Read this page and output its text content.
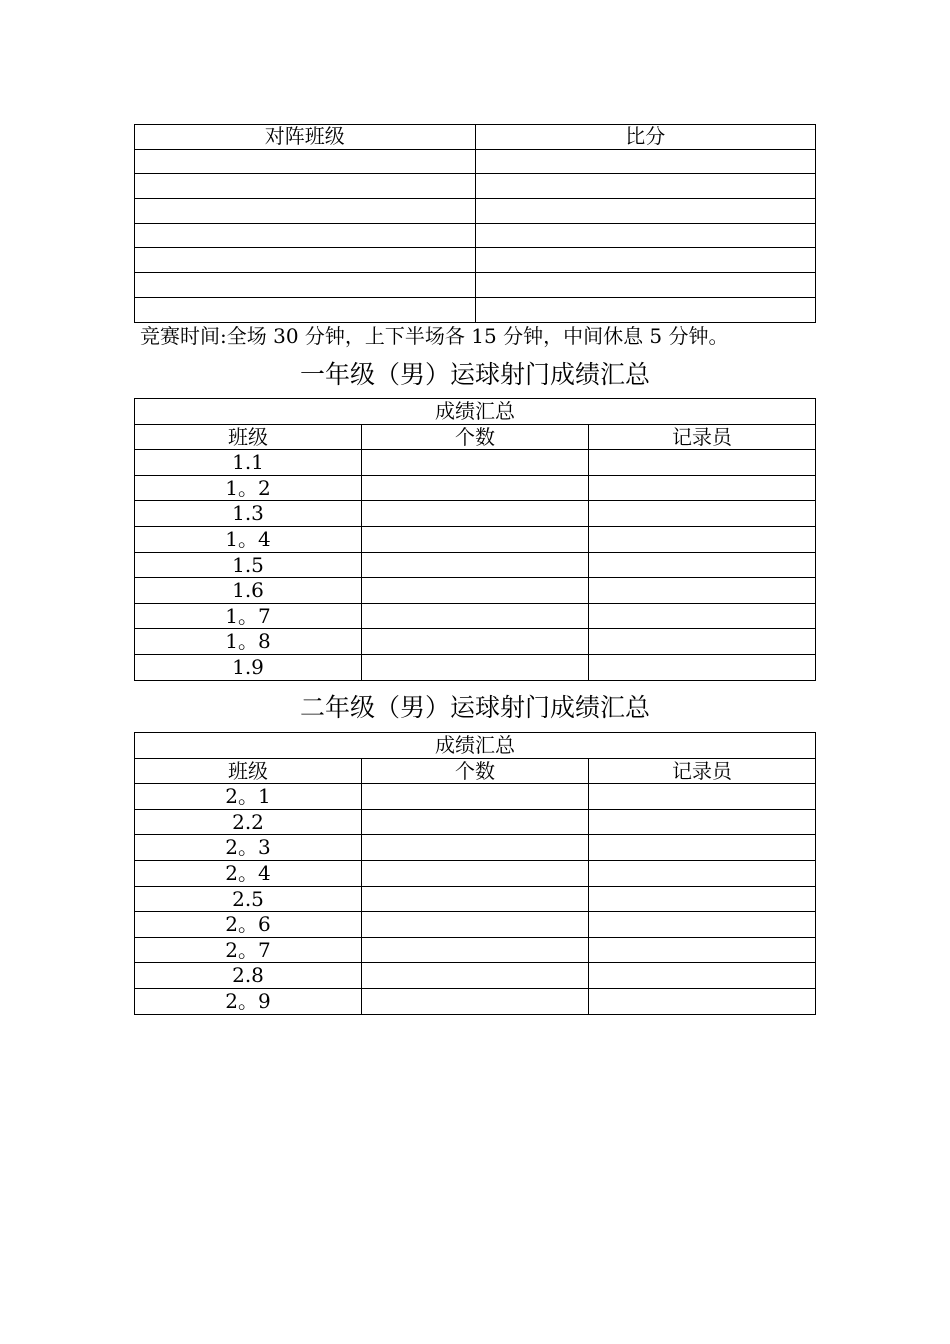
对阵班级	比分

竞赛时间:全场 30 分钟，上下半场各 15 分钟，中间休息 5 分钟。
一年级（男）运球射门成绩汇总
成绩汇总		
班级	个数	记录员
1.1		
1。2		
1.3		
1。4		
1.5		
1.6		
1。7		
1。8		
1.9		
二年级（男）运球射门成绩汇总
成绩汇总		
班级	个数	记录员
2。1		
2.2		
2。3		
2。4		
2.5		
2。6		
2。7		
2.8		
2。9		
